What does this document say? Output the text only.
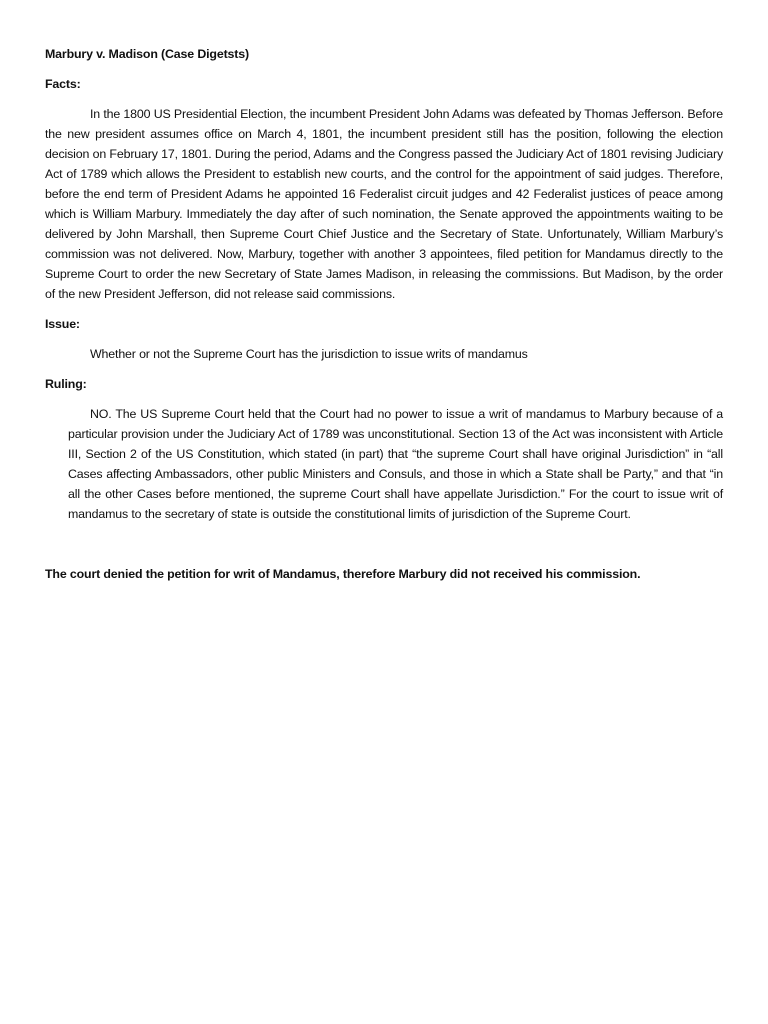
Marbury v. Madison (Case Digetsts)
Facts:

In the 1800 US Presidential Election, the incumbent President John Adams was defeated by Thomas Jefferson. Before the new president assumes office on March 4, 1801, the incumbent president still has the position, following the election decision on February 17, 1801. During the period, Adams and the Congress passed the Judiciary Act of 1801 revising Judiciary Act of 1789 which allows the President to establish new courts, and the control for the appointment of said judges. Therefore, before the end term of President Adams he appointed 16 Federalist circuit judges and 42 Federalist justices of peace among which is William Marbury. Immediately the day after of such nomination, the Senate approved the appointments waiting to be delivered by John Marshall, then Supreme Court Chief Justice and the Secretary of State. Unfortunately, William Marbury’s commission was not delivered. Now, Marbury, together with another 3 appointees, filed petition for Mandamus directly to the Supreme Court to order the new Secretary of State James Madison, in releasing the commissions. But Madison, by the order of the new President Jefferson, did not release said commissions.

Issue:

Whether or not the Supreme Court has the jurisdiction to issue writs of mandamus

Ruling:

NO. The US Supreme Court held that the Court had no power to issue a writ of mandamus to Marbury because of a particular provision under the Judiciary Act of 1789 was unconstitutional. Section 13 of the Act was inconsistent with Article III, Section 2 of the US Constitution, which stated (in part) that “the supreme Court shall have original Jurisdiction” in “all Cases affecting Ambassadors, other public Ministers and Consuls, and those in which a State shall be Party,” and that “in all the other Cases before mentioned, the supreme Court shall have appellate Jurisdiction.” For the court to issue writ of mandamus to the secretary of state is outside the constitutional limits of jurisdiction of the Supreme Court.

The court denied the petition for writ of Mandamus, therefore Marbury did not received his commission.
